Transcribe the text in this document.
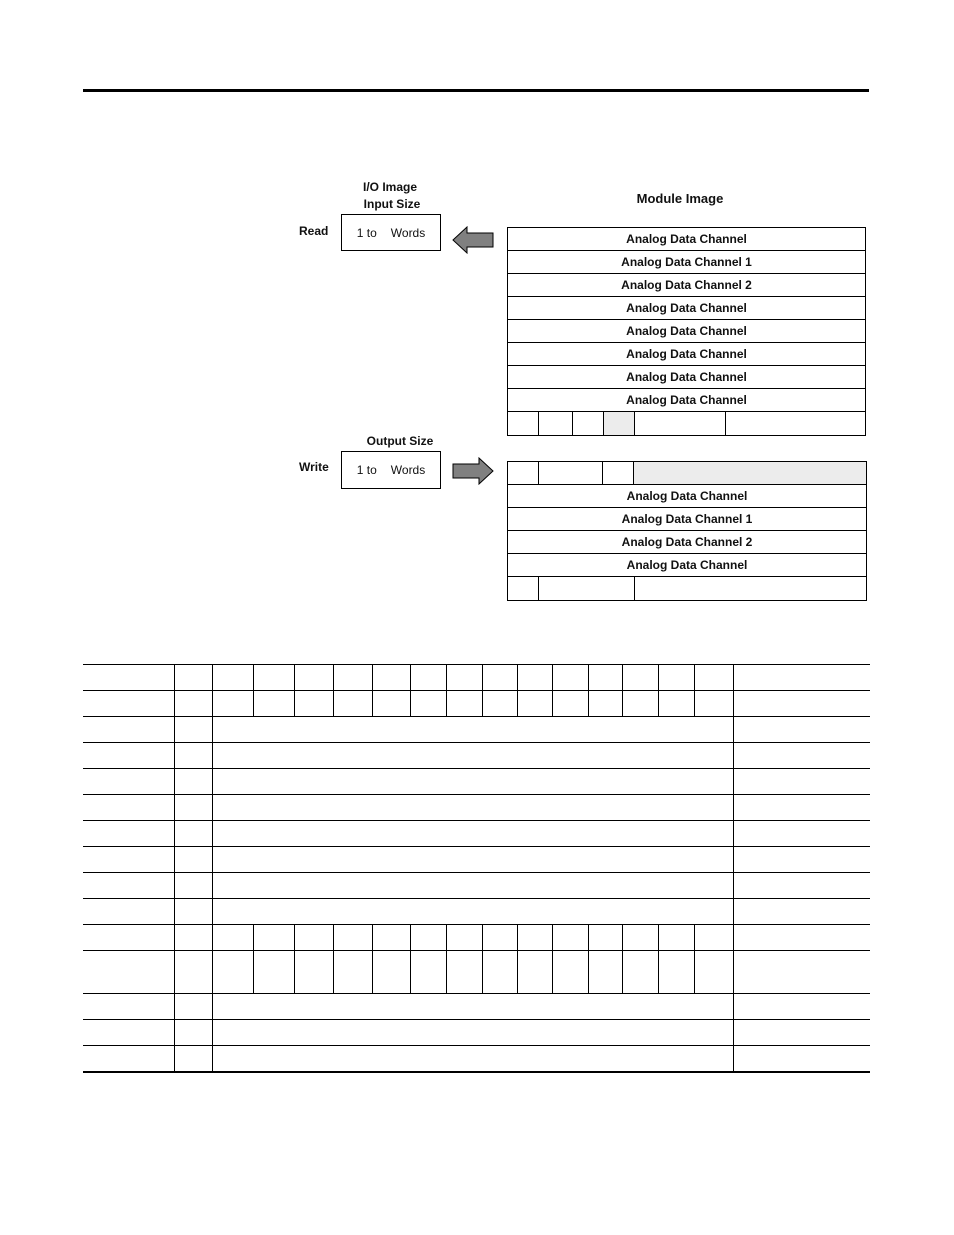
I/O Image
Input Size
Read 1 to Words
Module Image
Analog Data Channel
Analog Data Channel 1
Analog Data Channel 2
Analog Data Channel
Analog Data Channel
Analog Data Channel
Analog Data Channel
Analog Data Channel
Output Size
Write 1 to Words
Analog Data Channel
Analog Data Channel 1
Analog Data Channel 2
Analog Data Channel
